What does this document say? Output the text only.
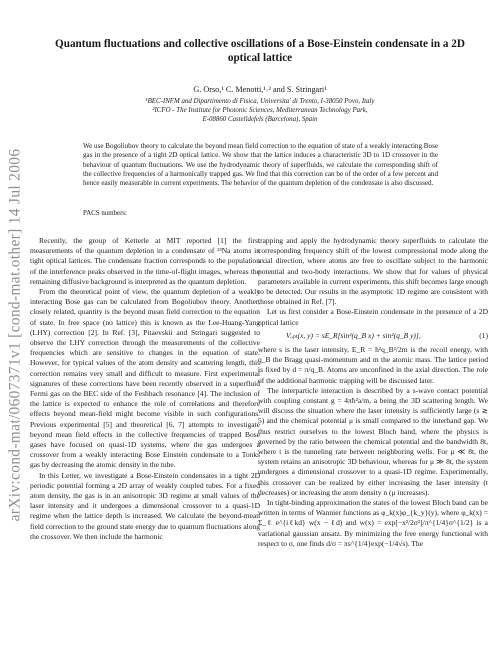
arXiv:cond-mat/0607371v1 [cond-mat.other] 14 Jul 2006
Quantum fluctuations and collective oscillations of a Bose-Einstein condensate in a 2D optical lattice
G. Orso,¹ C. Menotti,¹˒² and S. Stringari¹
¹BEC-INFM and Dipartimento di Fisica, Universita' di Trento, I-38050 Povo, Italy
²ICFO - The Institute for Photonic Sciences, Mediterranean Technology Park,
E-08860 Castelldefels (Barcelona), Spain

We use Bogoliubov theory to calculate the beyond mean field correction to the equation of state of a weakly interacting Bose gas in the presence of a tight 2D optical lattice. We show that the lattice induces a characteristic 3D to 1D crossover in the behaviour of quantum fluctuations. We use the hydrodynamic theory of superfluids, we calculate the corresponding shift of the collective frequencies of a harmonically trapped gas. We find that this correction can be of the order of a few percent and hence easily measurable in current experiments. The behavior of the quantum depletion of the condensate is also discussed.

PACS numbers:

Recently, the group of Ketterle at MIT reported [1] the first measurements of the quantum depletion in a condensate of ²³Na atoms in tight optical lattices. The condensate fraction corresponds to the population of the interference peaks observed in the time-of-flight images, whereas the remaining diffusive background is interpreted as the quantum depletion.

From the theoretical point of view, the quantum depletion of a weakly interacting Bose gas can be calculated from Bogoliubov theory. Another, closely related, quantity is the beyond mean field correction to the equation of state. In free space (no lattice) this is known as the Lee-Huang-Yang (LHY) correction [2]. In Ref. [3], Pitaevskii and Stringari suggested to observe the LHY correction through the measurements of the collective frequencies which are sensitive to changes in the equation of state. However, for typical values of the atom density and scattering length, this correction remains very small and difficult to measure. First experimental signatures of these corrections have been recently observed in a superfluid Fermi gas on the BEC side of the Feshbach resonance [4]. The inclusion of the lattice is expected to enhance the role of correlations and therefore effects beyond mean-field might become visible in such configurations. Previous experimental [5] and theoretical [6, 7] attempts to investigate beyond mean field effects in the collective frequencies of trapped Bose gases have focused on quasi-1D systems, where the gas undergoes a crossover from a weakly interacting Bose Einstein condensate to a Tonks gas by decreasing the atomic density in the tube.

In this Letter, we investigate a Bose-Einstein condensates in a tight 2D periodic potential forming a 2D array of weakly coupled tubes. For a fixed atom density, the gas is in an anisotropic 3D regime at small values of the laser intensity and it undergoes a dimensional crossover to a quasi-1D regime when the lattice depth is increased. We calculate the beyond-mean field correction to the ground state energy due to quantum fluctuations along the crossover. We then include the harmonic

trapping and apply the hydrodynamic theory superfluids to calculate the corresponding frequency shift of the lowest compressional mode along the axial direction, where atoms are free to oscillate subject to the harmonic potential and two-body interactions. We show that for values of physical parameters available in current experiments, this shift becomes large enough to be detected. Our results in the asymptotic 1D regime are consistent with those obtained in Ref. [7].

Let us first consider a Bose-Einstein condensate in the presence of a 2D optical lattice

Vₒₚₜ(x, y) = sE_R[sin²(q_B x) + sin²(q_B y)],	(1)

where s is the laser intensity, E_R = ħ²q_B²/2m is the recoil energy, with q_B the Bragg quasi-momentum and m the atomic mass. The lattice period is fixed by d = π/q_B. Atoms are unconfined in the axial direction. The role of the additional harmonic trapping will be discussed later.

The interparticle interaction is described by a s-wave contact potential with coupling constant g = 4πħ²a/m, a being the 3D scattering length. We will discuss the situation where the laser intensity is sufficiently large (s ≳ 5) and the chemical potential μ is small compared to the interband gap. We thus restrict ourselves to the lowest Bloch band, where the physics is governed by the ratio between the chemical potential and the bandwidth 8t, where t is the tunneling rate between neighboring wells. For μ ≪ 8t, the system retains an anisotropic 3D behaviour, whereas for μ ≫ 8t, the system undergoes a dimensional crossover to a quasi-1D regime. Experimentally, this crossover can be realized by either increasing the laser intensity (t decreases) or increasing the atom density n (μ increases).

In tight-binding approximation the states of the lowest Bloch band can be written in terms of Wannier functions as φ_k(x)φ_{k_y}(y), where φ_k(x) = Σ_ℓ e^{iℓkd} w(x − ℓd) and w(x) = exp[−x²/2σ²]/π^{1/4}σ^{1/2} is a variational gaussian ansatz. By minimizing the free energy functional with respect to σ, one finds d/σ = πs^{1/4}exp(−1/4√s). The
